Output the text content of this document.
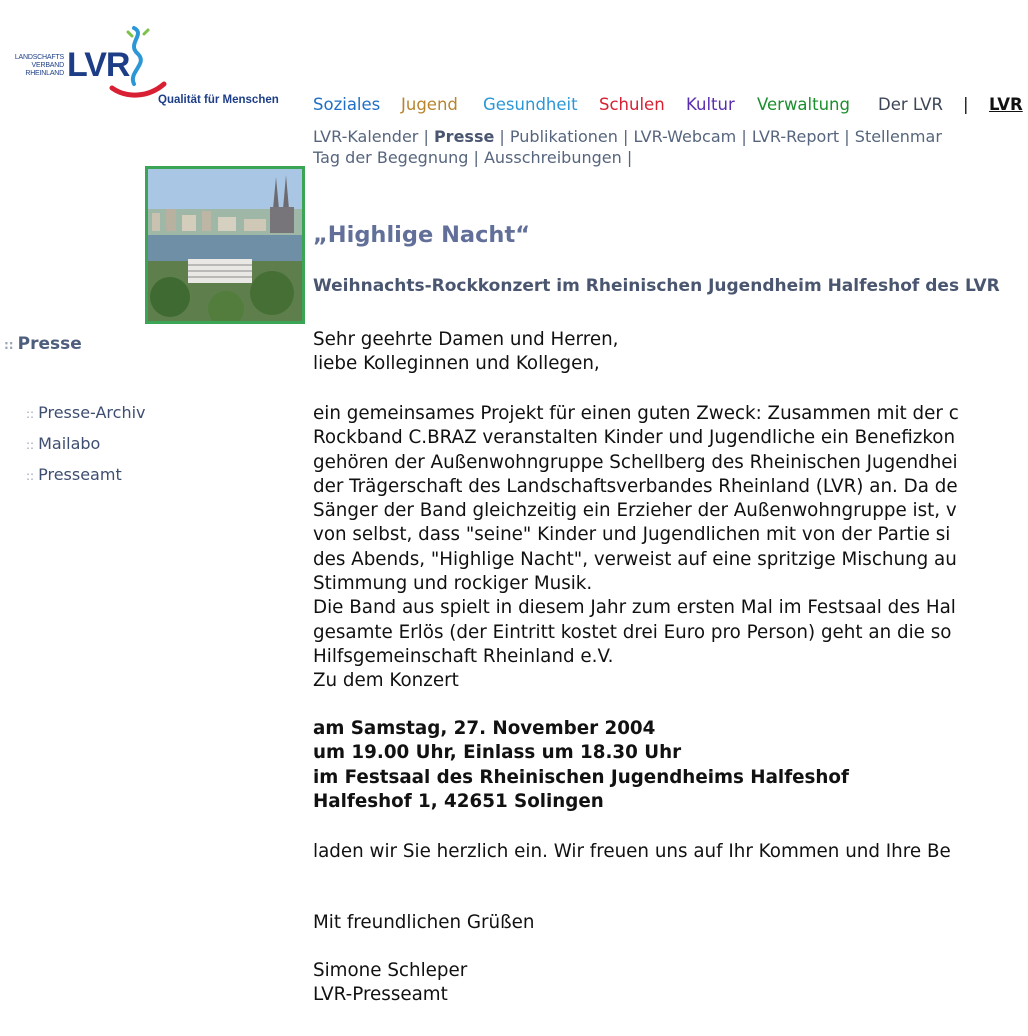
LANDSCHAFTS
VERBAND
RHEINLAND LVR
Qualität für Menschen Soziales Jugend Gesundheit Schulen Kultur Verwaltung Der LVR | LVR
LVR-Kalender | Presse | Publikationen | LVR-Webcam | LVR-Report | Stellenmar
Tag der Begegnung | Ausschreibungen |
:: Presse
:: Presse-Archiv
:: Mailabo
:: Presseamt
„Highlige Nacht“
Weihnachts-Rockkonzert im Rheinischen Jugendheim Halfeshof des LVR
Sehr geehrte Damen und Herren,
liebe Kolleginnen und Kollegen,
ein gemeinsames Projekt für einen guten Zweck: Zusammen mit der c
Rockband C.BRAZ veranstalten Kinder und Jugendliche ein Benefizkon
gehören der Außenwohngruppe Schellberg des Rheinischen Jugendhei
der Trägerschaft des Landschaftsverbandes Rheinland (LVR) an. Da de
Sänger der Band gleichzeitig ein Erzieher der Außenwohngruppe ist, v
von selbst, dass "seine" Kinder und Jugendlichen mit von der Partie si
des Abends, "Highlige Nacht", verweist auf eine spritzige Mischung au
Stimmung und rockiger Musik.
Die Band aus spielt in diesem Jahr zum ersten Mal im Festsaal des Hal
gesamte Erlös (der Eintritt kostet drei Euro pro Person) geht an die so
Hilfsgemeinschaft Rheinland e.V.
Zu dem Konzert
am Samstag, 27. November 2004
um 19.00 Uhr, Einlass um 18.30 Uhr
im Festsaal des Rheinischen Jugendheims Halfeshof
Halfeshof 1, 42651 Solingen
laden wir Sie herzlich ein. Wir freuen uns auf Ihr Kommen und Ihre Be
Mit freundlichen Grüßen
Simone Schleper
LVR-Presseamt
